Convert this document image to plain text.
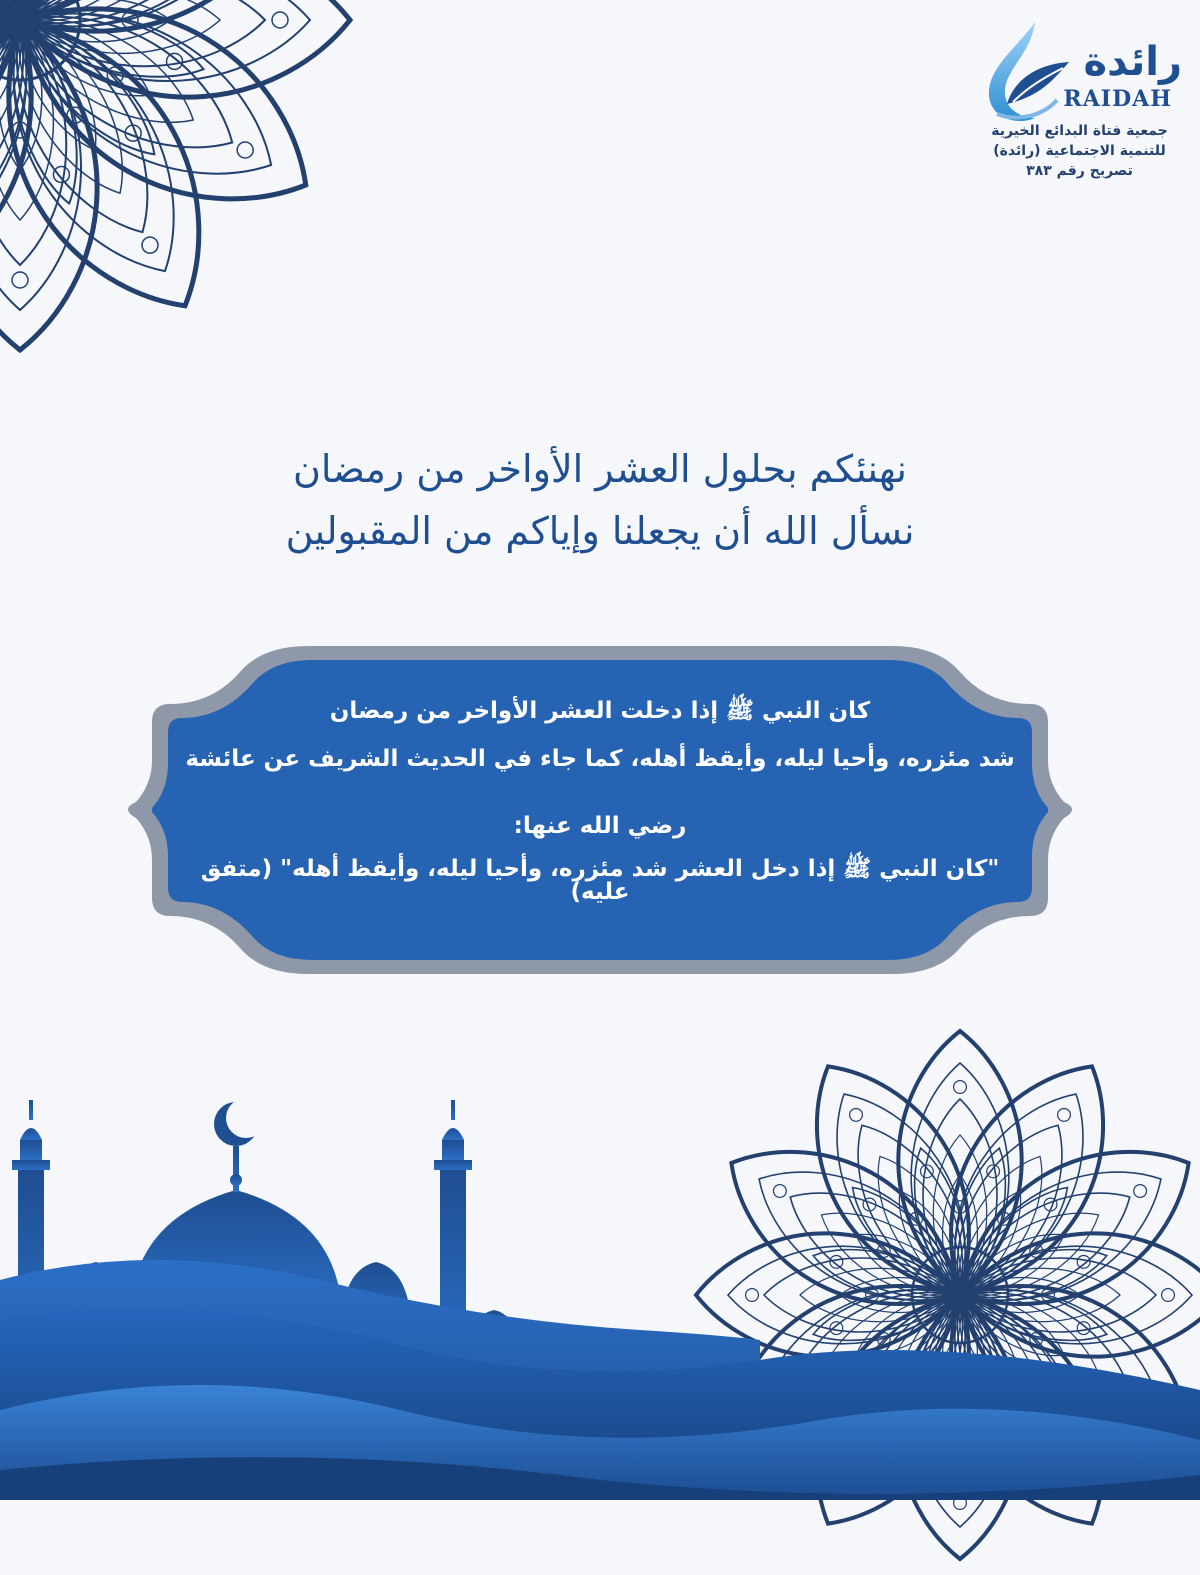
رائدة
RAIDAH
جمعية فتاة البدائع الخيرية
للتنمية الاجتماعية (رائدة)
تصريح رقم ٣٨٣
نهنئكم بحلول العشر الأواخر من رمضان
نسأل الله أن يجعلنا وإياكم من المقبولين
كان النبي ﷺ إذا دخلت العشر الأواخر من رمضان
شد مئزره، وأحيا ليله، وأيقظ أهله، كما جاء في الحديث الشريف عن عائشة
رضي الله عنها:
"كان النبي ﷺ إذا دخل العشر شد مئزره، وأحيا ليله، وأيقظ أهله" (متفق عليه)
